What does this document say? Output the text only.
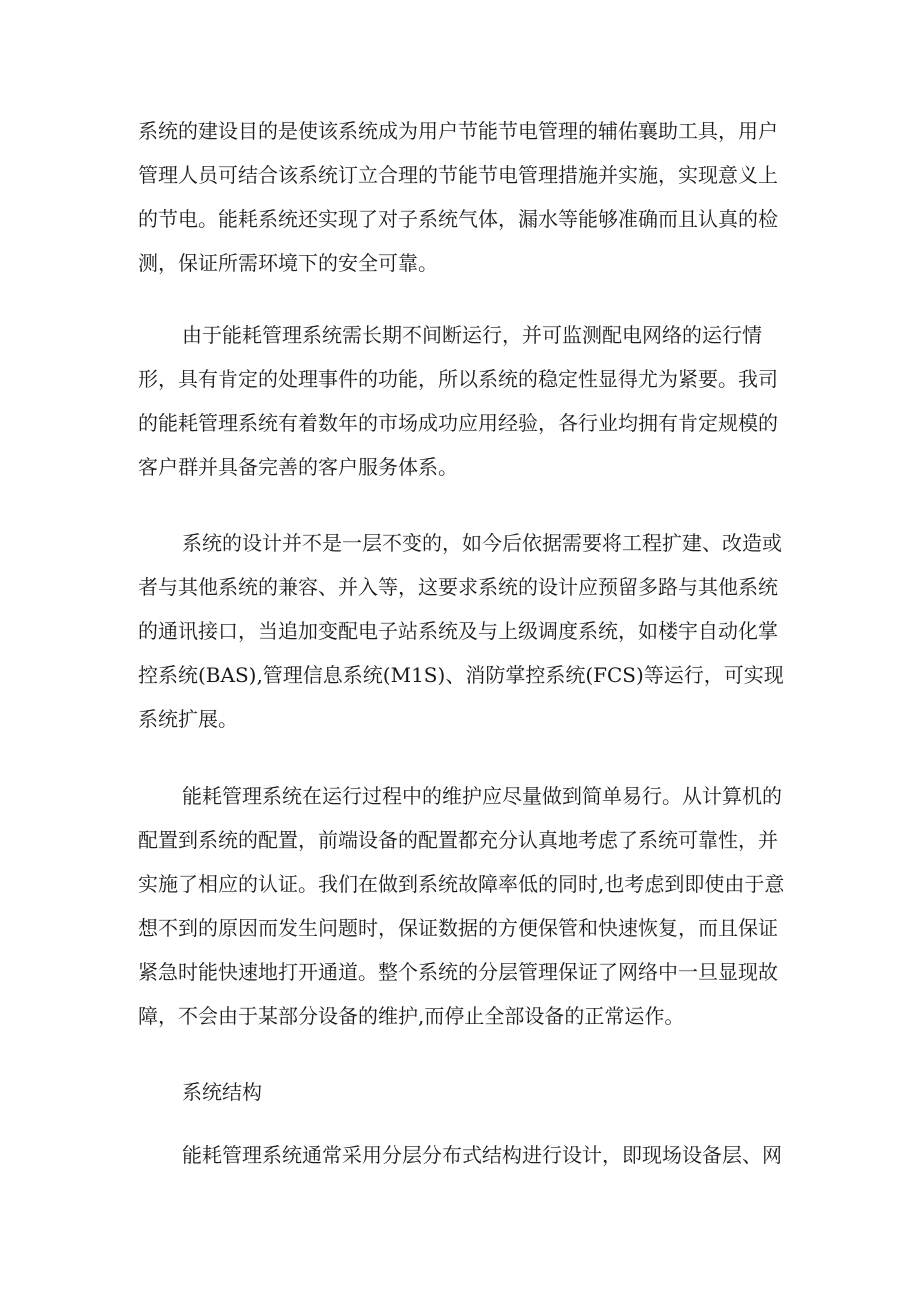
系统的建设目的是使该系统成为用户节能节电管理的辅佑襄助工具，用户
管理人员可结合该系统订立合理的节能节电管理措施并实施，实现意义上
的节电。能耗系统还实现了对子系统气体，漏水等能够准确而且认真的检
测，保证所需环境下的安全可靠。
由于能耗管理系统需长期不间断运行，并可监测配电网络的运行情
形，具有肯定的处理事件的功能，所以系统的稳定性显得尤为紧要。我司
的能耗管理系统有着数年的市场成功应用经验，各行业均拥有肯定规模的
客户群并具备完善的客户服务体系。
系统的设计并不是一层不变的，如今后依据需要将工程扩建、改造或
者与其他系统的兼容、并入等，这要求系统的设计应预留多路与其他系统
的通讯接口，当追加变配电子站系统及与上级调度系统，如楼宇自动化掌
控系统(BAS),管理信息系统(M1S)、消防掌控系统(FCS)等运行，可实现
系统扩展。
能耗管理系统在运行过程中的维护应尽量做到简单易行。从计算机的
配置到系统的配置，前端设备的配置都充分认真地考虑了系统可靠性，并
实施了相应的认证。我们在做到系统故障率低的同时,也考虑到即使由于意
想不到的原因而发生问题时，保证数据的方便保管和快速恢复，而且保证
紧急时能快速地打开通道。整个系统的分层管理保证了网络中一旦显现故
障，不会由于某部分设备的维护,而停止全部设备的正常运作。
系统结构
能耗管理系统通常采用分层分布式结构进行设计，即现场设备层、网
